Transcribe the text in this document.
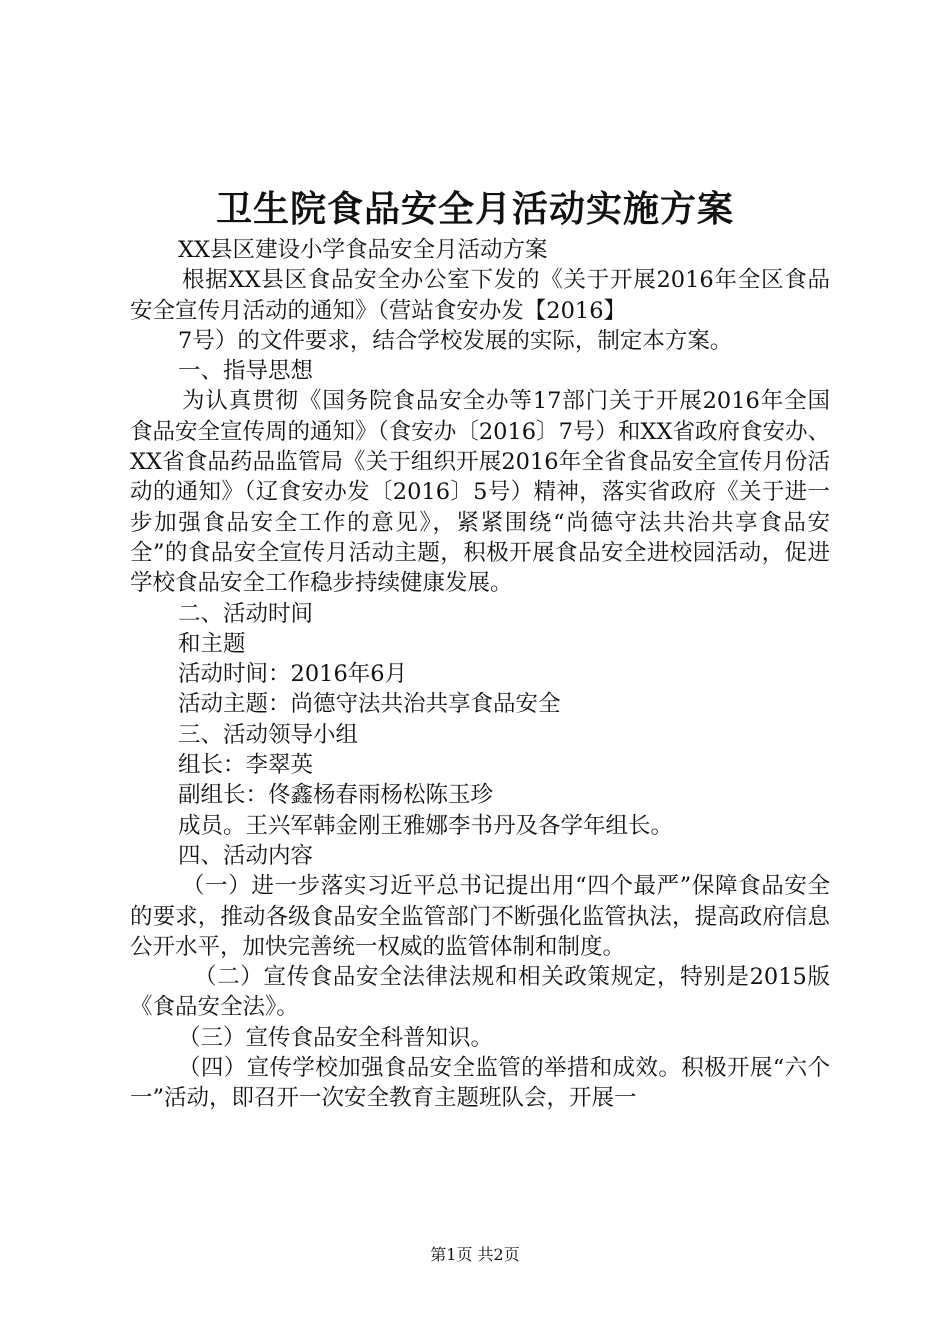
卫生院食品安全月活动实施方案

XX县区建设小学食品安全月活动方案

根据XX县区食品安全办公室下发的《关于开展2016年全区食品安全宣传月活动的通知》（营站食安办发【2016】

7号）的文件要求，结合学校发展的实际，制定本方案。

一、指导思想

为认真贯彻《国务院食品安全办等17部门关于开展2016年全国食品安全宣传周的通知》（食安办〔2016〕7号）和XX省政府食安办、XX省食品药品监管局《关于组织开展2016年全省食品安全宣传月份活动的通知》（辽食安办发〔2016〕5号）精神，落实省政府《关于进一步加强食品安全工作的意见》，紧紧围绕“尚德守法共治共享食品安全”的食品安全宣传月活动主题，积极开展食品安全进校园活动，促进学校食品安全工作稳步持续健康发展。

二、活动时间

和主题

活动时间：2016年6月

活动主题：尚德守法共治共享食品安全

三、活动领导小组

组长：李翠英

副组长：佟鑫杨春雨杨松陈玉珍

成员。王兴军韩金刚王雅娜李书丹及各学年组长。

四、活动内容

（一）进一步落实习近平总书记提出用“四个最严”保障食品安全的要求，推动各级食品安全监管部门不断强化监管执法，提高政府信息公开水平，加快完善统一权威的监管体制和制度。

（二）宣传食品安全法律法规和相关政策规定，特别是2015版《食品安全法》。

（三）宣传食品安全科普知识。

（四）宣传学校加强食品安全监管的举措和成效。积极开展“六个一”活动，即召开一次安全教育主题班队会，开展一

第1页 共2页
